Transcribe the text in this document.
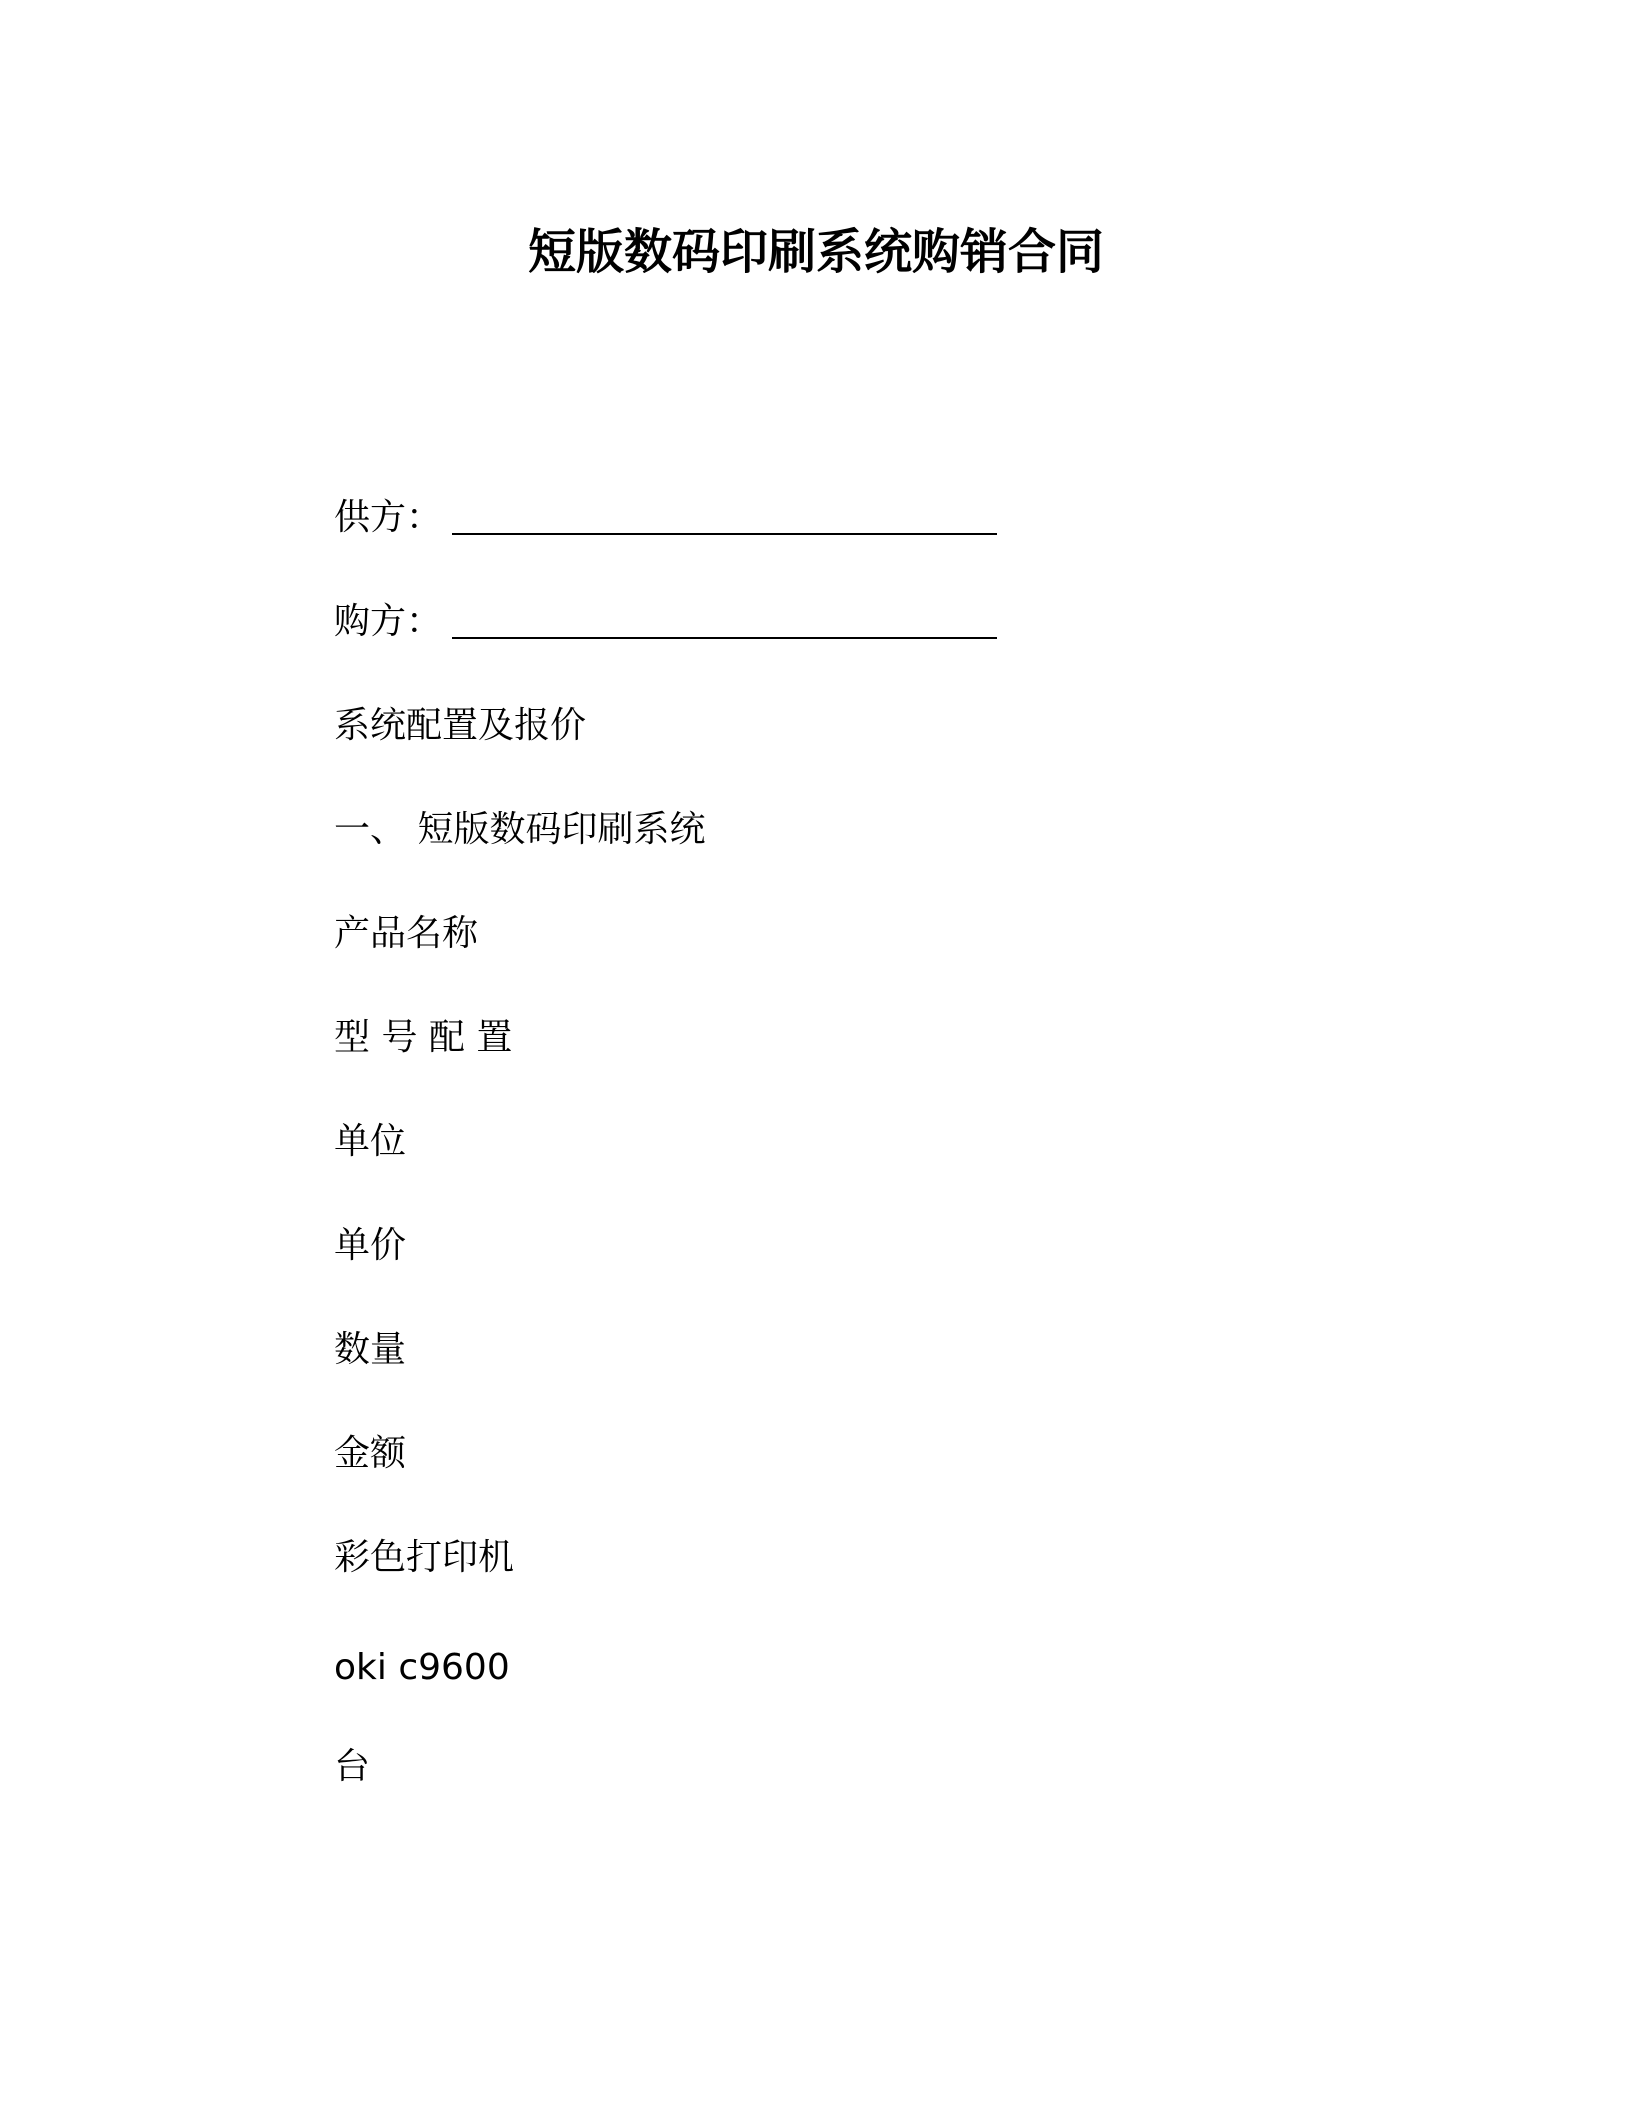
短版数码印刷系统购销合同
供方：
购方：
系统配置及报价
一、 短版数码印刷系统
产品名称
型 号 配 置
单位
单价
数量
金额
彩色打印机
oki c9600
台
